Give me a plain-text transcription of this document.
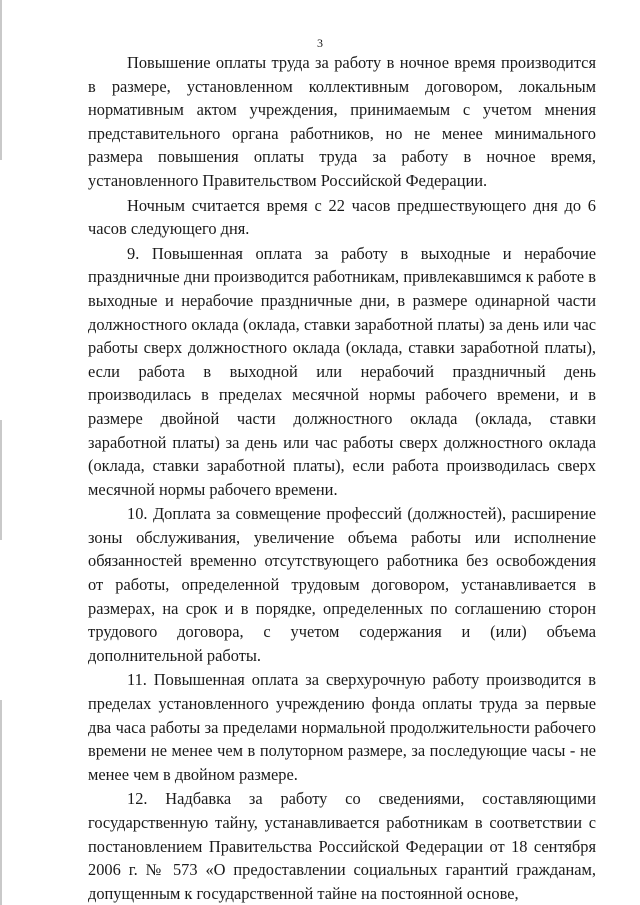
3

Повышение оплаты труда за работу в ночное время производится в размере, установленном коллективным договором, локальным нормативным актом учреждения, принимаемым с учетом мнения представительного органа работников, но не менее минимального размера повышения оплаты труда за работу в ночное время, установленного Правительством Российской Федерации.

Ночным считается время с 22 часов предшествующего дня до 6 часов следующего дня.

9. Повышенная оплата за работу в выходные и нерабочие праздничные дни производится работникам, привлекавшимся к работе в выходные и нерабочие праздничные дни, в размере одинарной части должностного оклада (оклада, ставки заработной платы) за день или час работы сверх должностного оклада (оклада, ставки заработной платы), если работа в выходной или нерабочий праздничный день производилась в пределах месячной нормы рабочего времени, и в размере двойной части должностного оклада (оклада, ставки заработной платы) за день или час работы сверх должностного оклада (оклада, ставки заработной платы), если работа производилась сверх месячной нормы рабочего времени.

10. Доплата за совмещение профессий (должностей), расширение зоны обслуживания, увеличение объема работы или исполнение обязанностей временно отсутствующего работника без освобождения от работы, определенной трудовым договором, устанавливается в размерах, на срок и в порядке, определенных по соглашению сторон трудового договора, с учетом содержания и (или) объема дополнительной работы.

11. Повышенная оплата за сверхурочную работу производится в пределах установленного учреждению фонда оплаты труда за первые два часа работы за пределами нормальной продолжительности рабочего времени не менее чем в полуторном размере, за последующие часы - не менее чем в двойном размере.

12. Надбавка за работу со сведениями, составляющими государственную тайну, устанавливается работникам в соответствии с постановлением Правительства Российской Федерации от 18 сентября 2006 г. № 573 «О предоставлении социальных гарантий гражданам, допущенным к государственной тайне на постоянной основе,
